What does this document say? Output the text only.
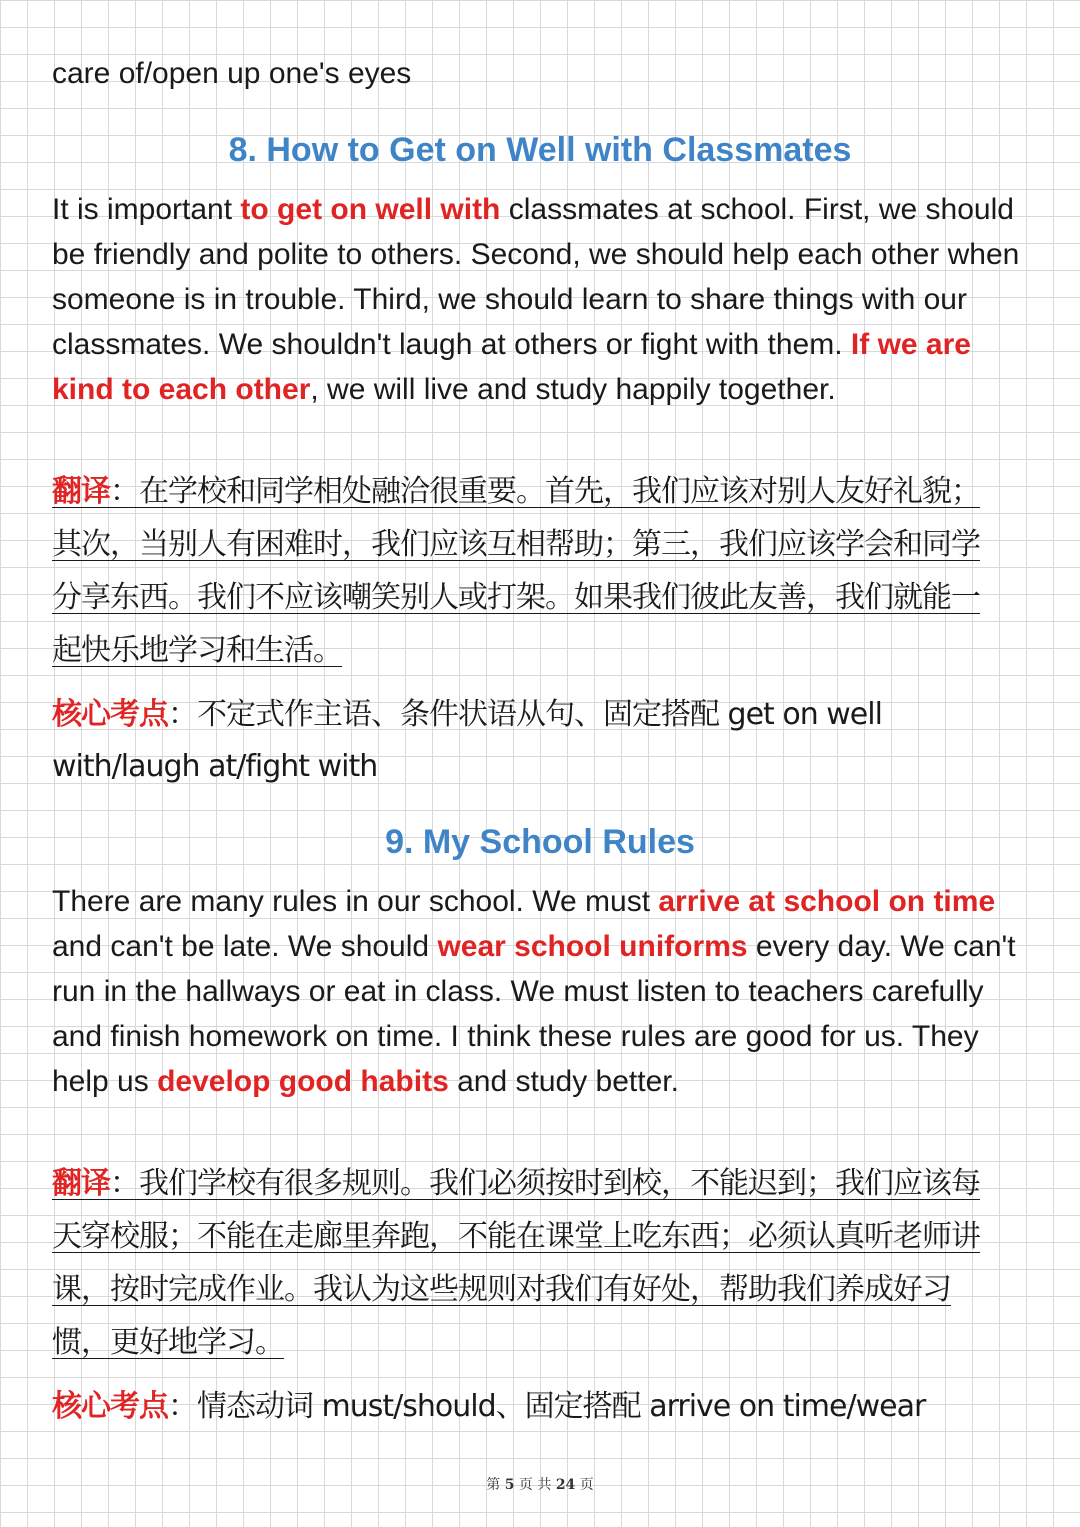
care of/open up one's eyes

8. How to Get on Well with Classmates

It is important to get on well with classmates at school. First, we should be friendly and polite to others. Second, we should help each other when someone is in trouble. Third, we should learn to share things with our classmates. We shouldn't laugh at others or fight with them. If we are kind to each other, we will live and study happily together.

翻译：在学校和同学相处融洽很重要。首先，我们应该对别人友好礼貌；其次，当别人有困难时，我们应该互相帮助；第三，我们应该学会和同学分享东西。我们不应该嘲笑别人或打架。如果我们彼此友善，我们就能一起快乐地学习和生活。

核心考点：不定式作主语、条件状语从句、固定搭配 get on well with/laugh at/fight with

9. My School Rules

There are many rules in our school. We must arrive at school on time and can't be late. We should wear school uniforms every day. We can't run in the hallways or eat in class. We must listen to teachers carefully and finish homework on time. I think these rules are good for us. They help us develop good habits and study better.

翻译：我们学校有很多规则。我们必须按时到校，不能迟到；我们应该每天穿校服；不能在走廊里奔跑，不能在课堂上吃东西；必须认真听老师讲课，按时完成作业。我认为这些规则对我们有好处，帮助我们养成好习惯，更好地学习。

核心考点：情态动词 must/should、固定搭配 arrive on time/wear

第 5 页 共 24 页
